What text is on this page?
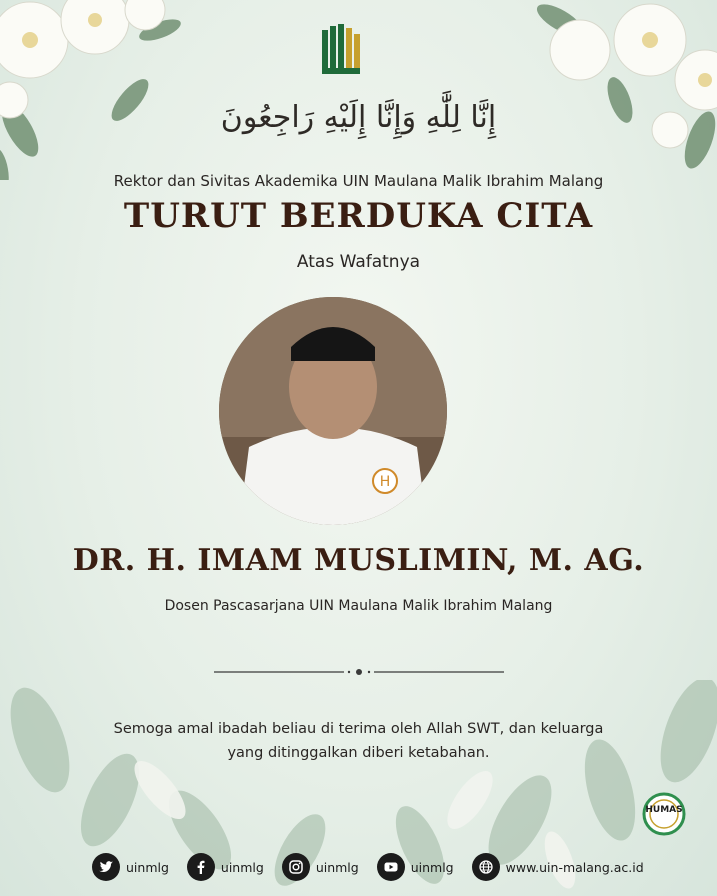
إِنَّا لِلَّٰهِ وَإِنَّا إِلَيْهِ رَاجِعُونَ
Rektor dan Sivitas Akademika UIN Maulana Malik Ibrahim Malang
TURUT BERDUKA CITA
Atas Wafatnya
H
DR. H. IMAM MUSLIMIN, M. AG.
Dosen Pascasarjana UIN Maulana Malik Ibrahim Malang
Semoga amal ibadah beliau di terima oleh Allah SWT, dan keluarga
yang ditinggalkan diberi ketabahan.
HUMAS
uinmlg	uinmlg	uinmlg	uinmlg	www.uin-malang.ac.id
